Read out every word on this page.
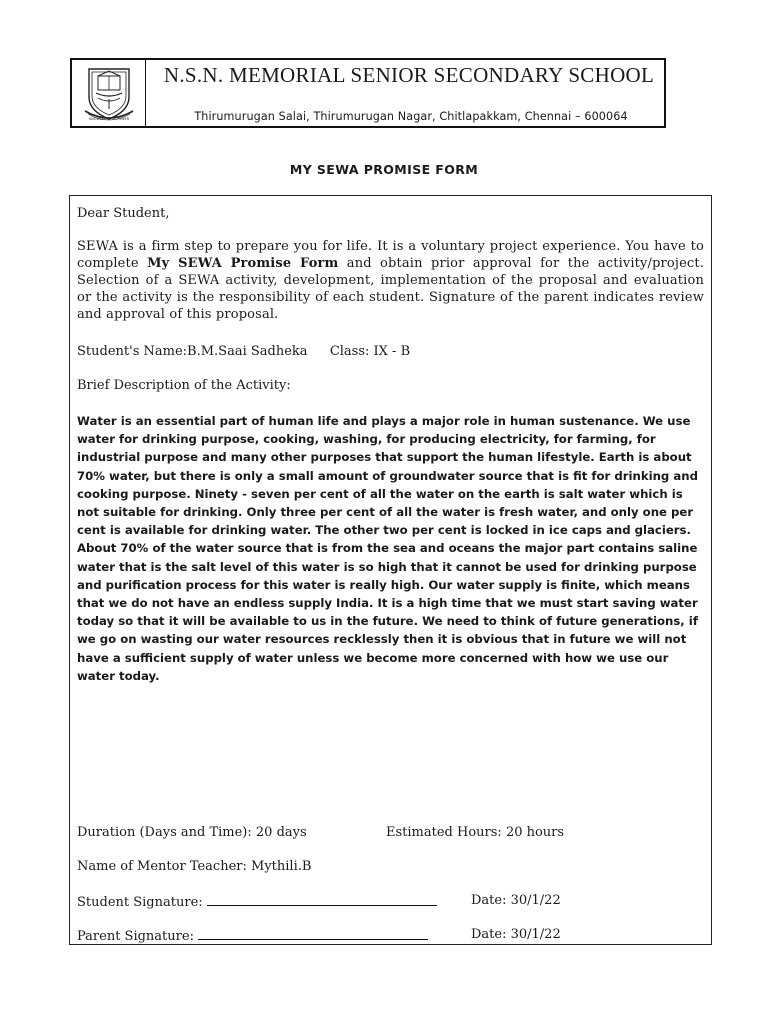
KNOWLEDGE IS POWER
N.S.N. MEMORIAL SENIOR SECONDARY SCHOOL
Thirumurugan Salai, Thirumurugan Nagar, Chitlapakkam, Chennai – 600064
MY SEWA PROMISE FORM
Dear Student,
SEWA is a firm step to prepare you for life. It is a voluntary project experience. You have to complete My SEWA Promise Form and obtain prior approval for the activity/project. Selection of a SEWA activity, development, implementation of the proposal and evaluation or the activity is the responsibility of each student. Signature of the parent indicates review and approval of this proposal.
Student's Name:B.M.Saai Sadheka Class: IX - B
Brief Description of the Activity:
Water is an essential part of human life and plays a major role in human sustenance. We use water for drinking purpose, cooking, washing, for producing electricity, for farming, for industrial purpose and many other purposes that support the human lifestyle. Earth is about 70% water, but there is only a small amount of groundwater source that is fit for drinking and cooking purpose. Ninety - seven per cent of all the water on the earth is salt water which is not suitable for drinking. Only three per cent of all the water is fresh water, and only one per cent is available for drinking water. The other two per cent is locked in ice caps and glaciers. About 70% of the water source that is from the sea and oceans the major part contains saline water that is the salt level of this water is so high that it cannot be used for drinking purpose and purification process for this water is really high. Our water supply is finite, which means that we do not have an endless supply India. It is a high time that we must start saving water today so that it will be available to us in the future. We need to think of future generations, if we go on wasting our water resources recklessly then it is obvious that in future we will not have a sufficient supply of water unless we become more concerned with how we use our water today.
Duration (Days and Time): 20 days	Estimated Hours: 20 hours
Name of Mentor Teacher: Mythili.B
Student Signature:	Date: 30/1/22
Parent Signature:	Date: 30/1/22
